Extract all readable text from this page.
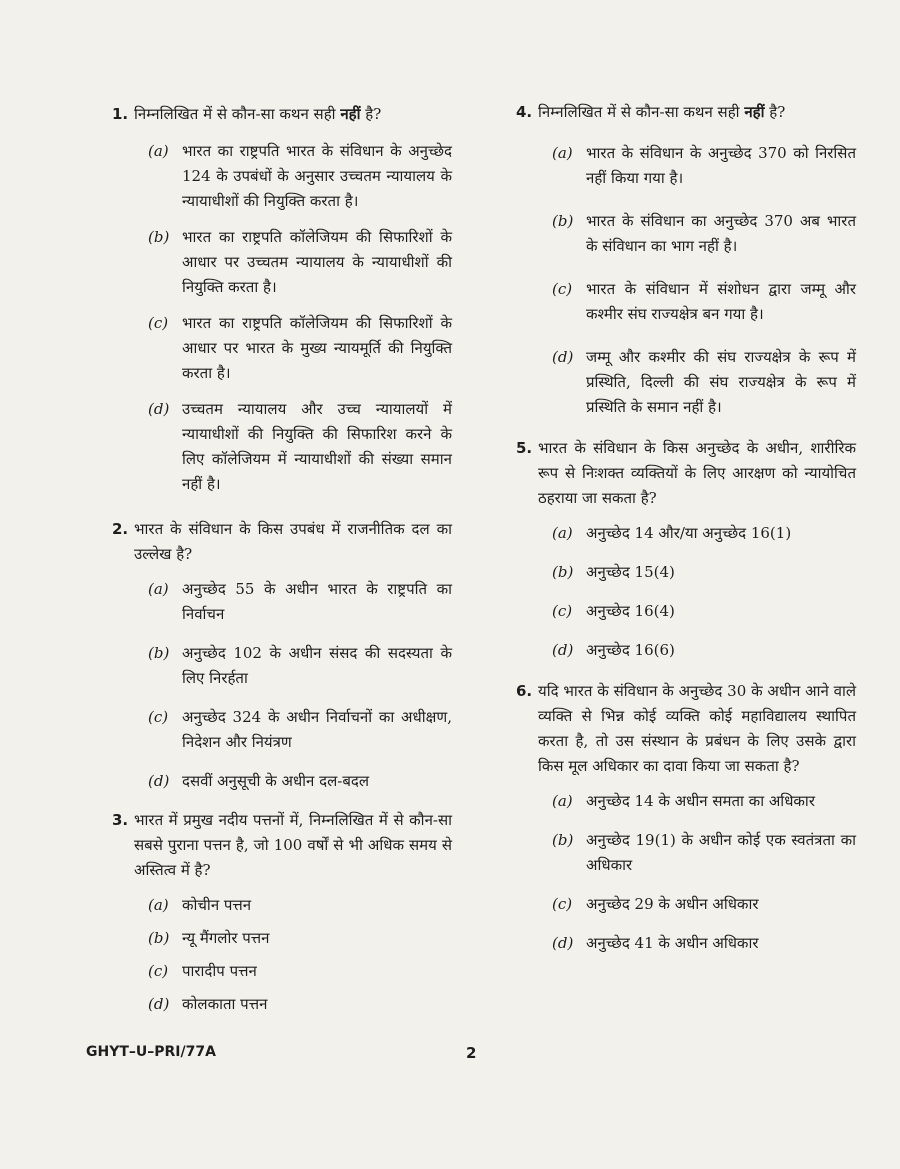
1. निम्नलिखित में से कौन-सा कथन सही नहीं है?
(a) भारत का राष्ट्रपति भारत के संविधान के अनुच्छेद 124 के उपबंधों के अनुसार उच्चतम न्यायालय के न्यायाधीशों की नियुक्ति करता है।
(b) भारत का राष्ट्रपति कॉलेजियम की सिफारिशों के आधार पर उच्चतम न्यायालय के न्यायाधीशों की नियुक्ति करता है।
(c) भारत का राष्ट्रपति कॉलेजियम की सिफारिशों के आधार पर भारत के मुख्य न्यायमूर्ति की नियुक्ति करता है।
(d) उच्चतम न्यायालय और उच्च न्यायालयों में न्यायाधीशों की नियुक्ति की सिफारिश करने के लिए कॉलेजियम में न्यायाधीशों की संख्या समान नहीं है।
2. भारत के संविधान के किस उपबंध में राजनीतिक दल का उल्लेख है?
(a) अनुच्छेद 55 के अधीन भारत के राष्ट्रपति का निर्वाचन
(b) अनुच्छेद 102 के अधीन संसद की सदस्यता के लिए निरर्हता
(c) अनुच्छेद 324 के अधीन निर्वाचनों का अधीक्षण, निदेशन और नियंत्रण
(d) दसवीं अनुसूची के अधीन दल-बदल
3. भारत में प्रमुख नदीय पत्तनों में, निम्नलिखित में से कौन-सा सबसे पुराना पत्तन है, जो 100 वर्षों से भी अधिक समय से अस्तित्व में है?
(a) कोचीन पत्तन
(b) न्यू मैंगलोर पत्तन
(c) पारादीप पत्तन
(d) कोलकाता पत्तन
4. निम्नलिखित में से कौन-सा कथन सही नहीं है?
(a) भारत के संविधान के अनुच्छेद 370 को निरसित नहीं किया गया है।
(b) भारत के संविधान का अनुच्छेद 370 अब भारत के संविधान का भाग नहीं है।
(c) भारत के संविधान में संशोधन द्वारा जम्मू और कश्मीर संघ राज्यक्षेत्र बन गया है।
(d) जम्मू और कश्मीर की संघ राज्यक्षेत्र के रूप में प्रस्थिति, दिल्ली की संघ राज्यक्षेत्र के रूप में प्रस्थिति के समान नहीं है।
5. भारत के संविधान के किस अनुच्छेद के अधीन, शारीरिक रूप से निःशक्त व्यक्तियों के लिए आरक्षण को न्यायोचित ठहराया जा सकता है?
(a) अनुच्छेद 14 और/या अनुच्छेद 16(1)
(b) अनुच्छेद 15(4)
(c) अनुच्छेद 16(4)
(d) अनुच्छेद 16(6)
6. यदि भारत के संविधान के अनुच्छेद 30 के अधीन आने वाले व्यक्ति से भिन्न कोई व्यक्ति कोई महाविद्यालय स्थापित करता है, तो उस संस्थान के प्रबंधन के लिए उसके द्वारा किस मूल अधिकार का दावा किया जा सकता है?
(a) अनुच्छेद 14 के अधीन समता का अधिकार
(b) अनुच्छेद 19(1) के अधीन कोई एक स्वतंत्रता का अधिकार
(c) अनुच्छेद 29 के अधीन अधिकार
(d) अनुच्छेद 41 के अधीन अधिकार
GHYT–U–PRI/77A	2
